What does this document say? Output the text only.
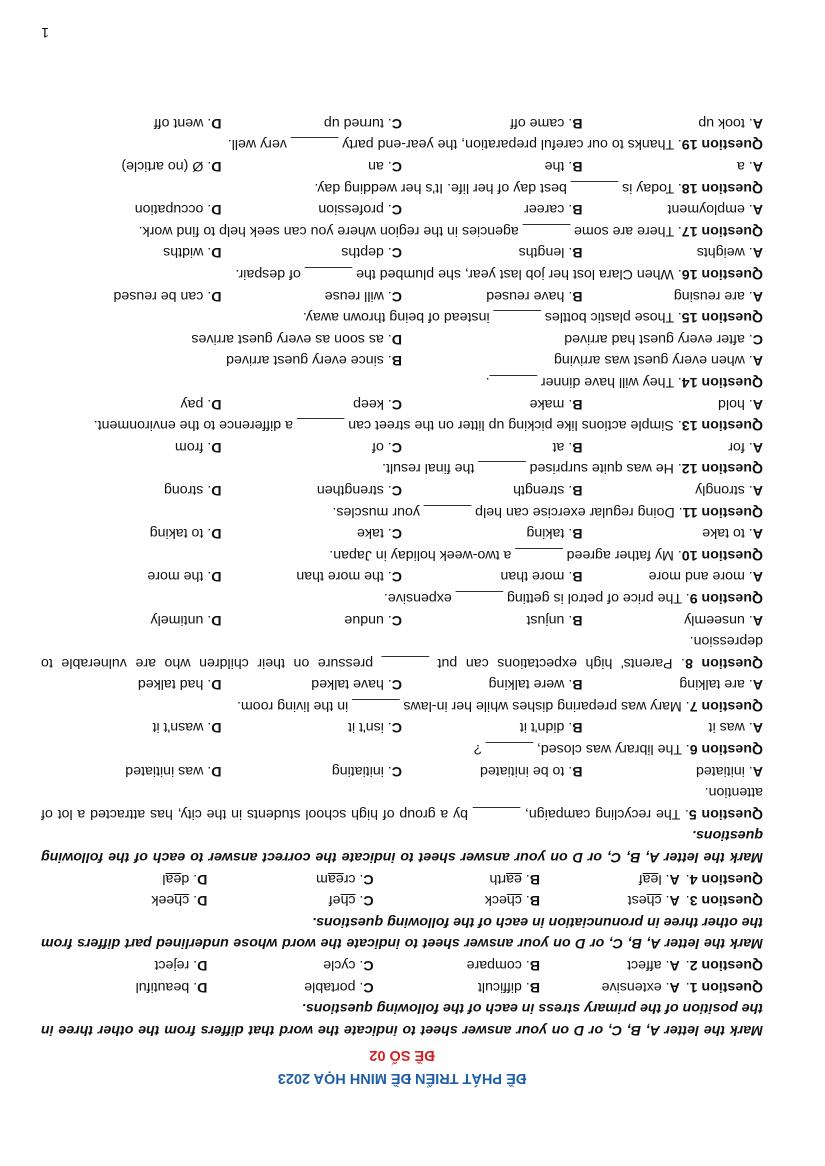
1
ĐỀ PHÁT TRIỂN ĐỀ MINH HỌA 2023
ĐỀ SỐ 02
Mark the letter A, B, C, or D on your answer sheet to indicate the word that differs from the other three in the position of the primary stress in each of the following questions.
Question 1.
A. extensive
B. difficult
C. portable
D. beautiful
Question 2.
A. affect
B. compare
C. cycle
D. reject
Mark the letter A, B, C, or D on your answer sheet to indicate the word whose underlined part differs from the other three in pronunciation in each of the following questions.
Question 3.
A. chest
B. check
C. chef
D. cheek
Question 4.
A. leaf
B. earth
C. cream
D. deal
Mark the letter A, B, C, or D on your answer sheet to indicate the correct answer to each of the following questions.
Question 5. The recycling campaign, ______ by a group of high school students in the city, has attracted a lot of attention.
A. initiated
B. to be initiated
C. initiating
D. was initiated
Question 6. The library was closed, ______ ?
A. was it
B. didn't it
C. isn't it
D. wasn't it
Question 7. Mary was preparing dishes while her in-laws ______ in the living room.
A. are talking
B. were talking
C. have talked
D. had talked
Question 8. Parents' high expectations can put ______ pressure on their children who are vulnerable to depression.
A. unseemly
B. unjust
C. undue
D. untimely
Question 9. The price of petrol is getting ______ expensive.
A. more and more
B. more than
C. the more than
D. the more
Question 10. My father agreed ______ a two-week holiday in Japan.
A. to take
B. taking
C. take
D. to taking
Question 11. Doing regular exercise can help ______ your muscles.
A. strongly
B. strength
C. strengthen
D. strong
Question 12. He was quite surprised ______ the final result.
A. for
B. at
C. of
D. from
Question 13. Simple actions like picking up litter on the street can ______ a difference to the environment.
A. hold
B. make
C. keep
D. pay
Question 14. They will have dinner ______.
A. when every guest was arriving
B. since every guest arrived
C. after every guest had arrived
D. as soon as every guest arrives
Question 15. Those plastic bottles ______ instead of being thrown away.
A. are reusing
B. have reused
C. will reuse
D. can be reused
Question 16. When Clara lost her job last year, she plumbed the ______ of despair.
A. weights
B. lengths
C. depths
D. widths
Question 17. There are some ______ agencies in the region where you can seek help to find work.
A. employment
B. career
C. profession
D. occupation
Question 18. Today is ______ best day of her life. It's her wedding day.
A. a
B. the
C. an
D. Ø (no article)
Question 19. Thanks to our careful preparation, the year-end party ______ very well.
A. took up
B. came off
C. turned up
D. went off
